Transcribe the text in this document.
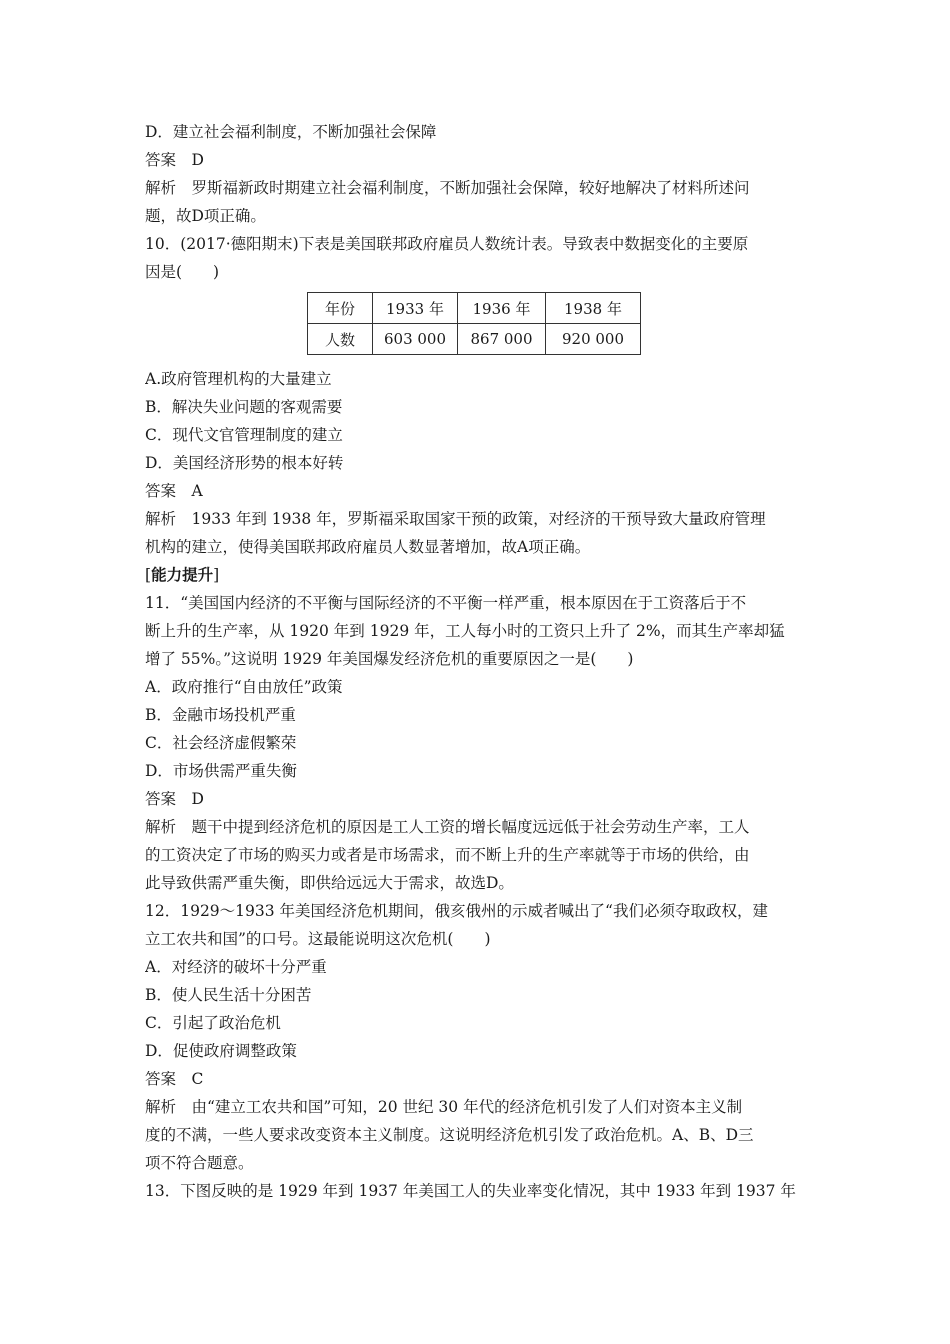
D．建立社会福利制度，不断加强社会保障
答案　D
解析　罗斯福新政时期建立社会福利制度，不断加强社会保障，较好地解决了材料所述问
题，故D项正确。
10．(2017·德阳期末)下表是美国联邦政府雇员人数统计表。导致表中数据变化的主要原
因是(　　)
年份	1933 年	1936 年	1938 年
人数	603 000	867 000	920 000
A.政府管理机构的大量建立
B．解决失业问题的客观需要
C．现代文官管理制度的建立
D．美国经济形势的根本好转
答案　A
解析　1933 年到 1938 年，罗斯福采取国家干预的政策，对经济的干预导致大量政府管理
机构的建立，使得美国联邦政府雇员人数显著增加，故A项正确。
[能力提升]
11．“美国国内经济的不平衡与国际经济的不平衡一样严重，根本原因在于工资落后于不
断上升的生产率，从 1920 年到 1929 年，工人每小时的工资只上升了 2%，而其生产率却猛
增了 55%。”这说明 1929 年美国爆发经济危机的重要原因之一是(　　)
A．政府推行“自由放任”政策
B．金融市场投机严重
C．社会经济虚假繁荣
D．市场供需严重失衡
答案　D
解析　题干中提到经济危机的原因是工人工资的增长幅度远远低于社会劳动生产率，工人
的工资决定了市场的购买力或者是市场需求，而不断上升的生产率就等于市场的供给，由
此导致供需严重失衡，即供给远远大于需求，故选D。
12．1929～1933 年美国经济危机期间，俄亥俄州的示威者喊出了“我们必须夺取政权，建
立工农共和国”的口号。这最能说明这次危机(　　)
A．对经济的破坏十分严重
B．使人民生活十分困苦
C．引起了政治危机
D．促使政府调整政策
答案　C
解析　由“建立工农共和国”可知，20 世纪 30 年代的经济危机引发了人们对资本主义制
度的不满，一些人要求改变资本主义制度。这说明经济危机引发了政治危机。A、B、D三
项不符合题意。
13．下图反映的是 1929 年到 1937 年美国工人的失业率变化情况，其中 1933 年到 1937 年
